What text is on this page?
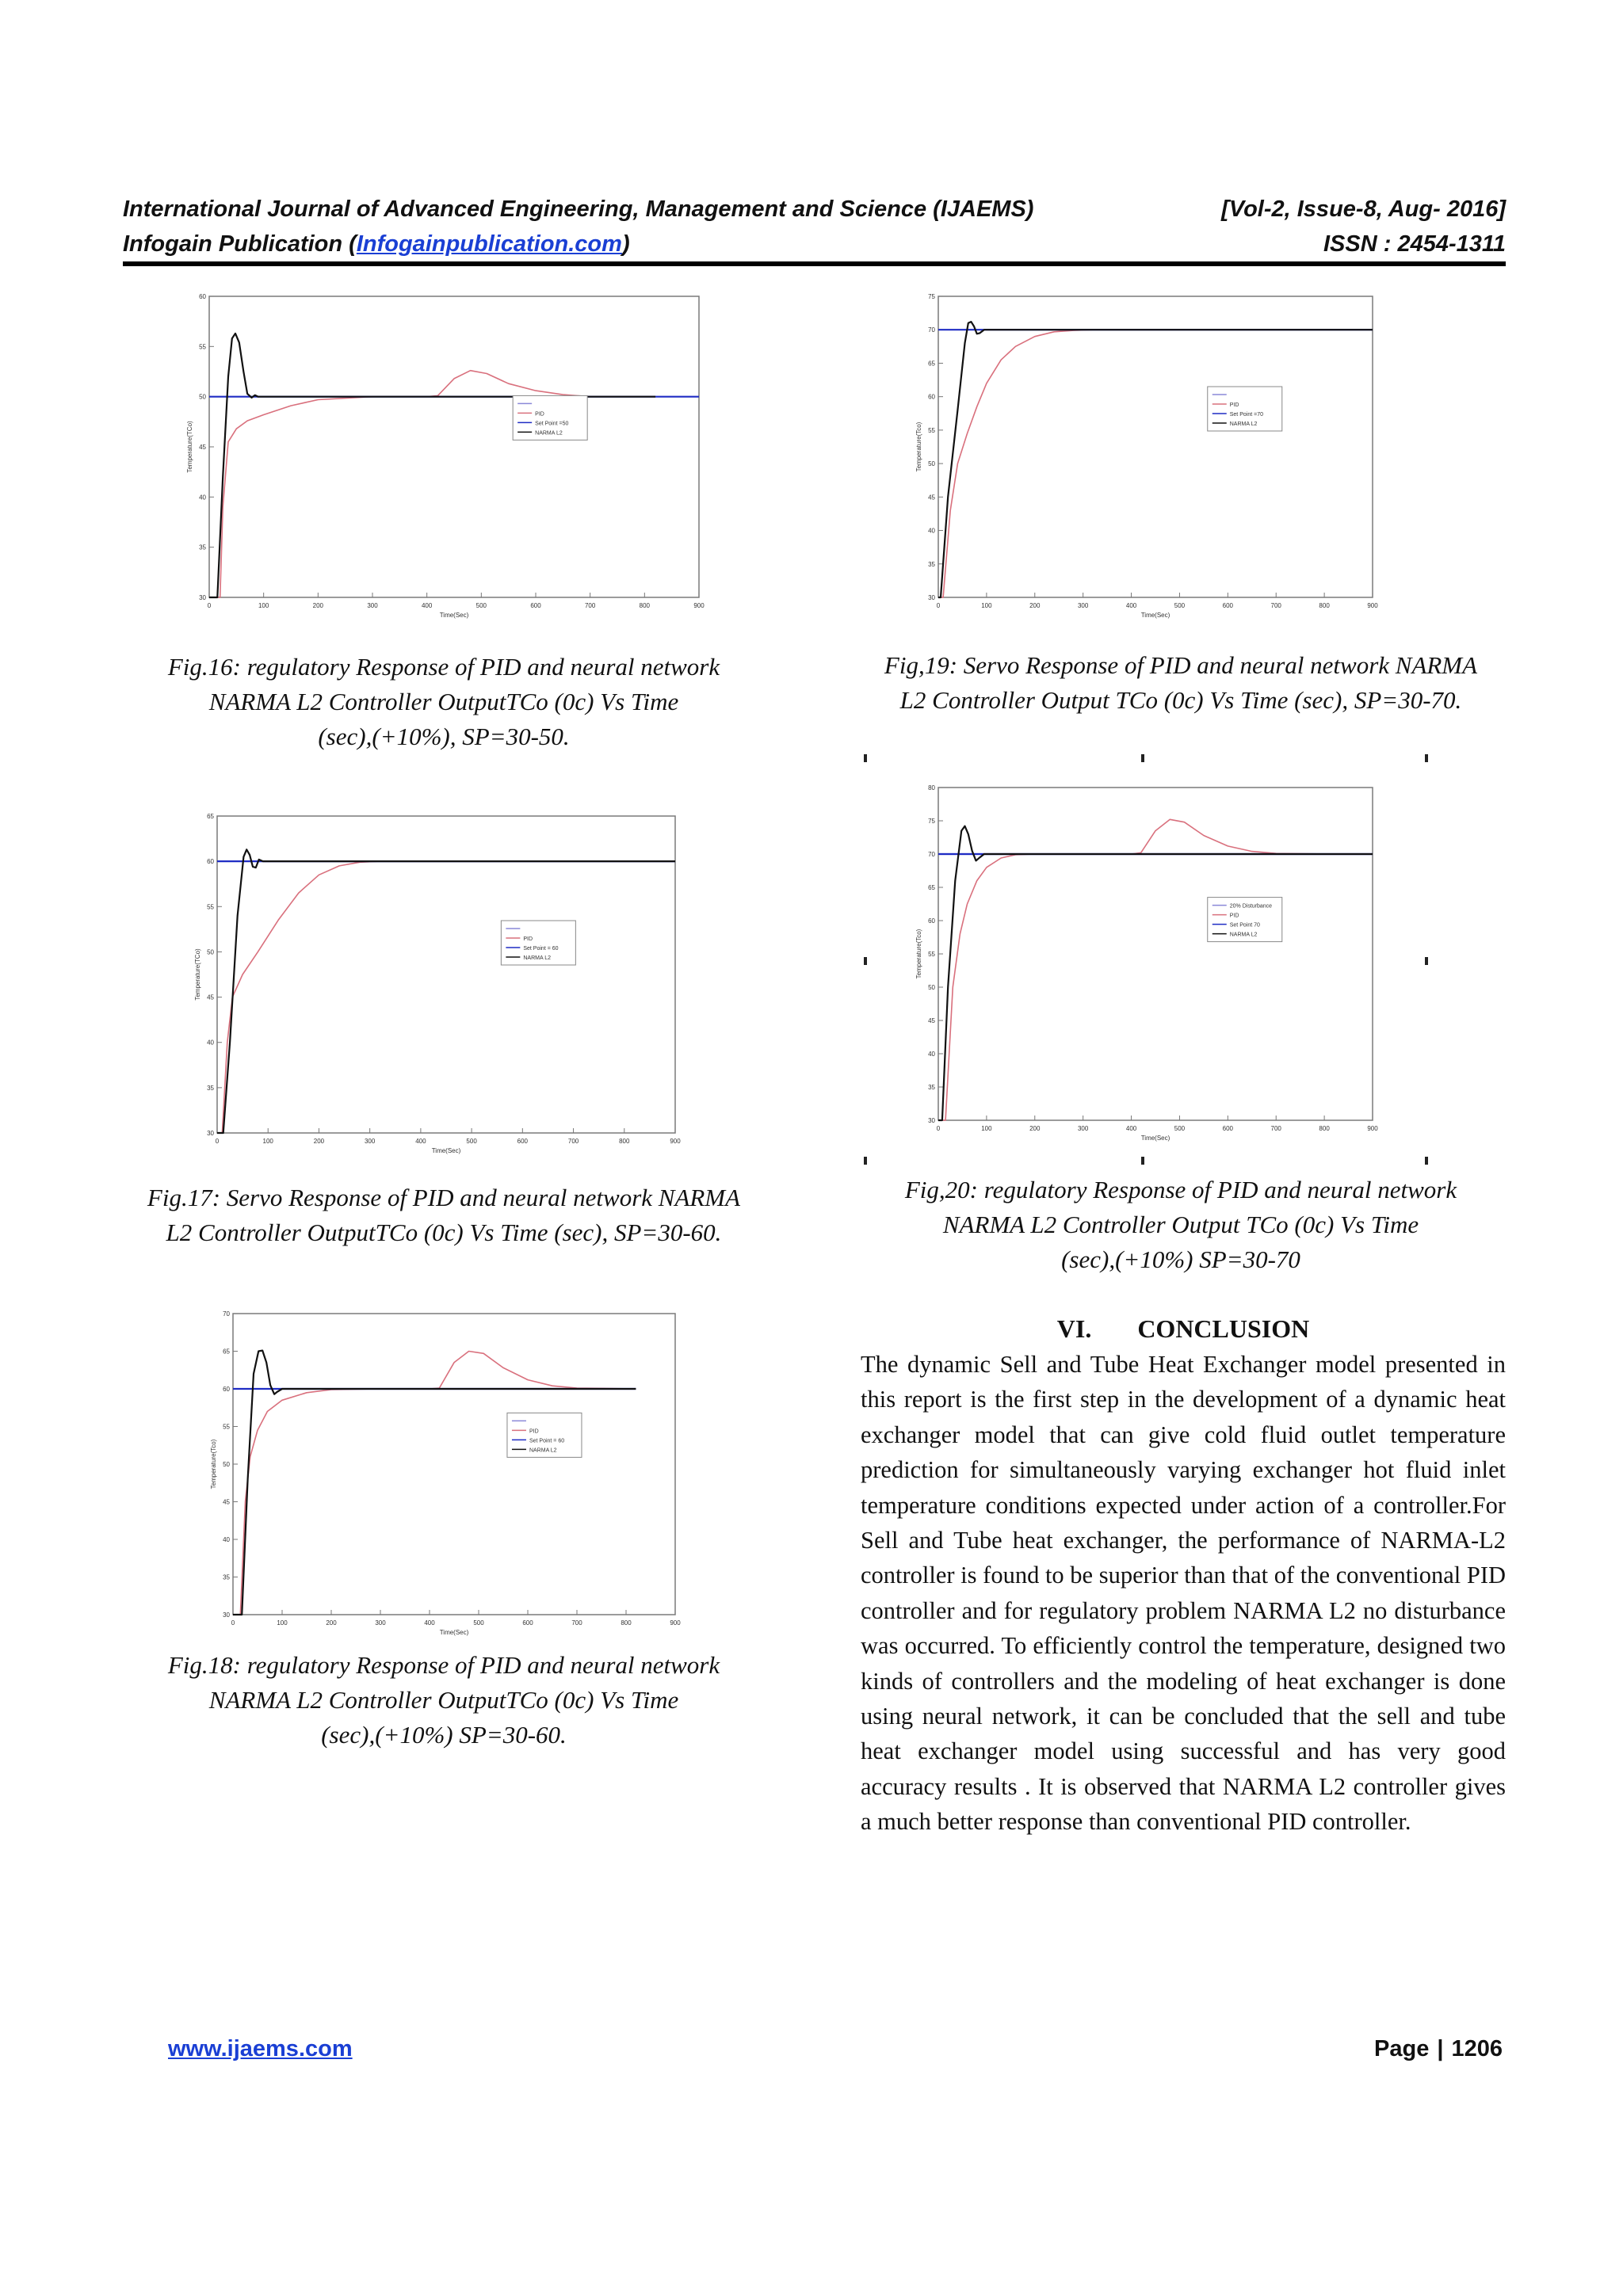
International Journal of Advanced Engineering, Management and Science (IJAEMS)	[Vol-2, Issue-8, Aug- 2016]
Infogain Publication (Infogainpublication.com)	ISSN : 2454-1311
0	100	200	300	400	500	600	700	800	900
30
35
40
45
50
55
60
Time(Sec)
Temperature(TCo)
PID
Set Point =50
NARMA L2
0	100	200	300	400	500	600	700	800	900
30
35
40
45
50
55
60
65
Time(Sec)
Temperature(TCo)
PID
Set Point = 60
NARMA L2
0	100	200	300	400	500	600	700	800	900
30
35
40
45
50
55
60
65
70
Time(Sec)
Temperature(Tco)
PID
Set Point = 60
NARMA L2
0	100	200	300	400	500	600	700	800	900
30
35
40
45
50
55
60
65
70
75
Time(Sec)
Temperature(Tco)
PID
Set Point =70
NARMA L2
0	100	200	300	400	500	600	700	800	900
30
35
40
45
50
55
60
65
70
75
80
Time(Sec)
Temperature(Tco)
20% Disturbance
PID
Set Point 70
NARMA L2
Fig.16: regulatory Response of PID and neural network
NARMA L2 Controller OutputTCo (0c) Vs Time
(sec),(+10%), SP=30-50.
Fig.17: Servo Response of PID and neural network NARMA
L2 Controller OutputTCo (0c) Vs Time (sec), SP=30-60.
Fig.18: regulatory Response of PID and neural network
NARMA L2 Controller OutputTCo (0c) Vs Time
(sec),(+10%) SP=30-60.
Fig,19: Servo Response of PID and neural network NARMA
L2 Controller Output TCo (0c) Vs Time (sec), SP=30-70.
Fig,20: regulatory Response of PID and neural network
NARMA L2 Controller Output TCo (0c) Vs Time
(sec),(+10%) SP=30-70
VI. CONCLUSION
The dynamic Sell and Tube Heat Exchanger model presented in this report is the first step in the development of a dynamic heat exchanger model that can give cold fluid outlet temperature prediction for simultaneously varying exchanger hot fluid inlet temperature conditions expected under action of a controller.For Sell and Tube heat exchanger, the performance of NARMA-L2 controller is found to be superior than that of the conventional PID controller and for regulatory problem NARMA L2 no disturbance was occurred. To efficiently control the temperature, designed two kinds of controllers and the modeling of heat exchanger is done using neural network, it can be concluded that the sell and tube heat exchanger model using successful and has very good accuracy results . It is observed that NARMA L2 controller gives a much better response than conventional PID controller.
www.ijaems.com	Page | 1206
